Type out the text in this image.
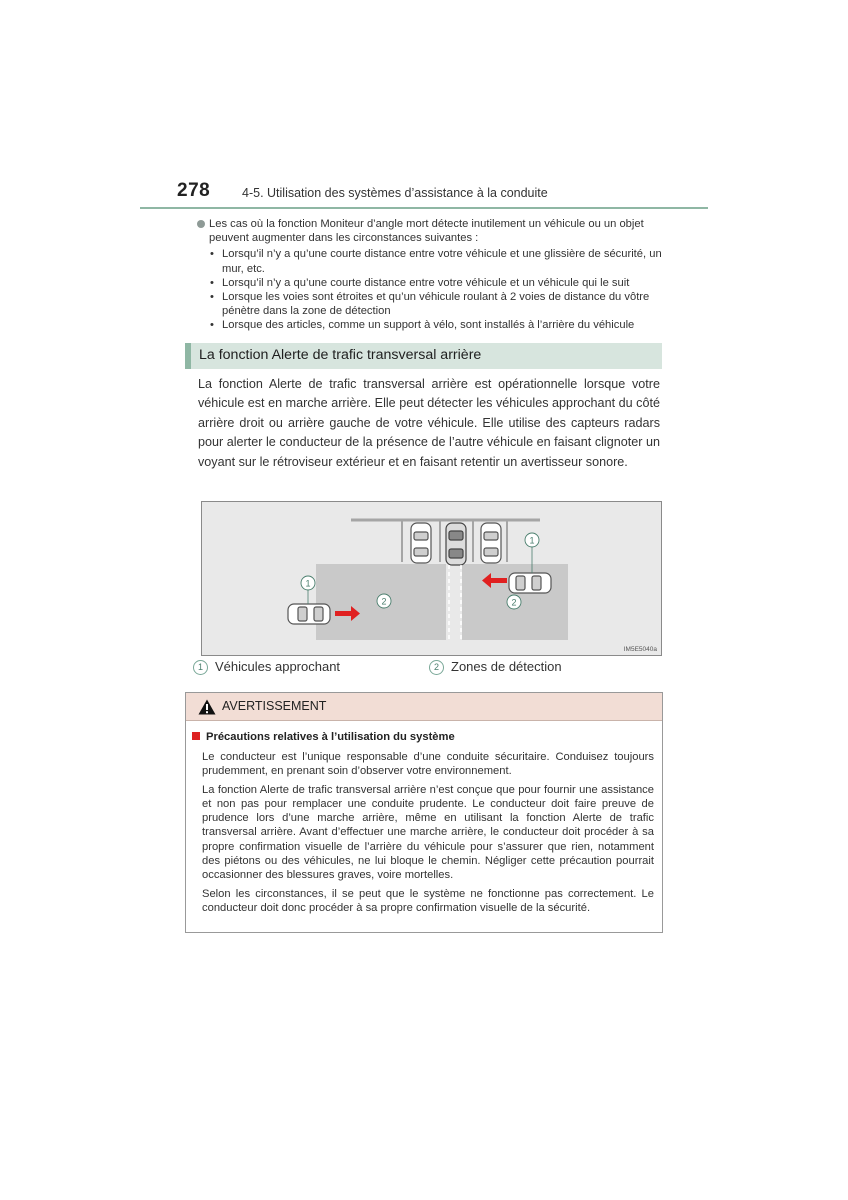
278	4-5. Utilisation des systèmes d’assistance à la conduite
Les cas où la fonction Moniteur d’angle mort détecte inutilement un véhicule ou un objet peuvent augmenter dans les circonstances suivantes :
• Lorsqu’il n’y a qu’une courte distance entre votre véhicule et une glissière de sécurité, un mur, etc.
• Lorsqu’il n’y a qu’une courte distance entre votre véhicule et un véhicule qui le suit
• Lorsque les voies sont étroites et qu’un véhicule roulant à 2 voies de distance du vôtre pénètre dans la zone de détection
• Lorsque des articles, comme un support à vélo, sont installés à l’arrière du véhicule
La fonction Alerte de trafic transversal arrière
La fonction Alerte de trafic transversal arrière est opérationnelle lorsque votre véhicule est en marche arrière. Elle peut détecter les véhicules approchant du côté arrière droit ou arrière gauche de votre véhicule. Elle utilise des capteurs radars pour alerter le conducteur de la présence de l’autre véhicule en faisant clignoter un voyant sur le rétroviseur extérieur et en faisant retentir un avertisseur sonore.
1
1
2	2
IM5E5040a
1 Véhicules approchant	2 Zones de détection
AVERTISSEMENT
Précautions relatives à l’utilisation du système

Le conducteur est l’unique responsable d’une conduite sécuritaire. Conduisez toujours prudemment, en prenant soin d’observer votre environnement.

La fonction Alerte de trafic transversal arrière n’est conçue que pour fournir une assistance et non pas pour remplacer une conduite prudente. Le conducteur doit faire preuve de prudence lors d’une marche arrière, même en utilisant la fonction Alerte de trafic transversal arrière. Avant d’effectuer une marche arrière, le conducteur doit procéder à sa propre confirmation visuelle de l’arrière du véhicule pour s’assurer que rien, notamment des piétons ou des véhicules, ne lui bloque le chemin. Négliger cette précaution pourrait occasionner des blessures graves, voire mortelles.

Selon les circonstances, il se peut que le système ne fonctionne pas correctement. Le conducteur doit donc procéder à sa propre confirmation visuelle de la sécurité.
